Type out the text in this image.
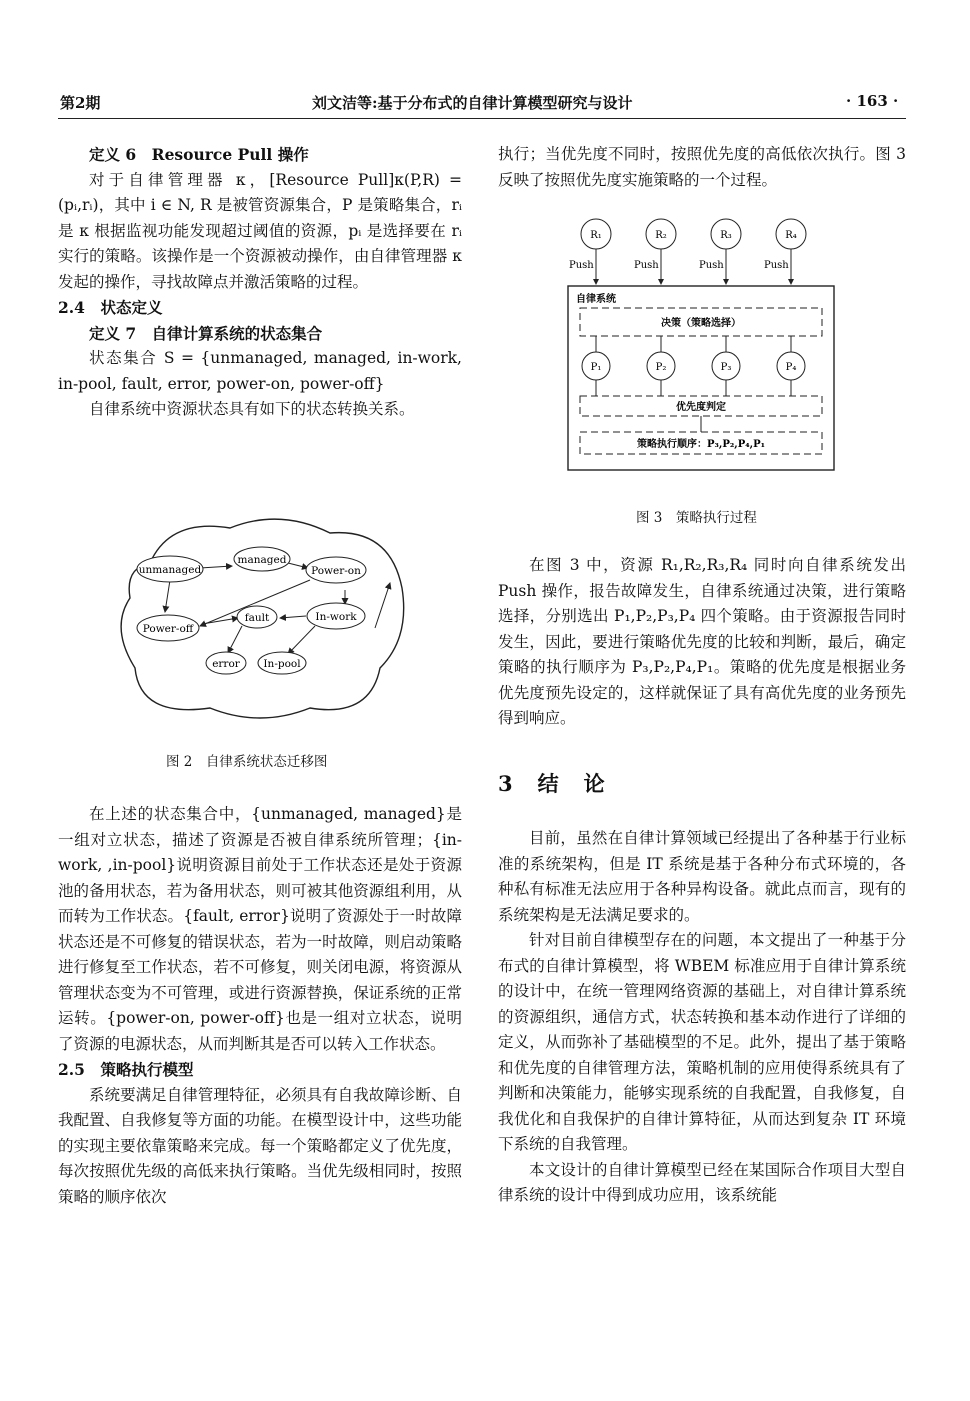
第2期	刘文洁等:基于分布式的自律计算模型研究与设计	· 163 ·

定义 6　Resource Pull 操作

对于自律管理器 κ，[Resource Pull]κ(P,R) = (pᵢ,rᵢ)，其中 i ∈ N, R 是被管资源集合，P 是策略集合，rᵢ 是 κ 根据监视功能发现超过阈值的资源，pᵢ 是选择要在 rᵢ 实行的策略。该操作是一个资源被动操作，由自律管理器 κ 发起的操作，寻找故障点并激活策略的过程。

2.4　状态定义

定义 7　自律计算系统的状态集合

状态集合 S = {unmanaged, managed, in-work, in-pool, fault, error, power-on, power-off}

自律系统中资源状态具有如下的状态转换关系。

unmanaged
managed
Power-on
Power-off
fault	In-work
error In-pool
图 2　自律系统状态迁移图

在上述的状态集合中，{unmanaged, managed}是一组对立状态，描述了资源是否被自律系统所管理；{in-work, ,in-pool}说明资源目前处于工作状态还是处于资源池的备用状态，若为备用状态，则可被其他资源组利用，从而转为工作状态。{fault, error}说明了资源处于一时故障状态还是不可修复的错误状态，若为一时故障，则启动策略进行修复至工作状态，若不可修复，则关闭电源，将资源从管理状态变为不可管理，或进行资源替换，保证系统的正常运转。{power-on, power-off}也是一组对立状态，说明了资源的电源状态，从而判断其是否可以转入工作状态。

2.5　策略执行模型

系统要满足自律管理特征，必须具有自我故障诊断、自我配置、自我修复等方面的功能。在模型设计中，这些功能的实现主要依靠策略来完成。每一个策略都定义了优先度，每次按照优先级的高低来执行策略。当优先级相同时，按照策略的顺序依次

执行；当优先度不同时，按照优先度的高低依次执行。图 3 反映了按照优先度实施策略的一个过程。

R₁	R₂	R₃	R₄
Push	Push	Push	Push
自律系统
决策（策略选择）
P₁	P₂	P₃	P₄
优先度判定
策略执行顺序：P₃,P₂,P₄,P₁
图 3　策略执行过程

在图 3 中，资源 R₁,R₂,R₃,R₄ 同时向自律系统发出 Push 操作，报告故障发生，自律系统通过决策，进行策略选择，分别选出 P₁,P₂,P₃,P₄ 四个策略。由于资源报告同时发生，因此，要进行策略优先度的比较和判断，最后，确定策略的执行顺序为 P₃,P₂,P₄,P₁。策略的优先度是根据业务优先度预先设定的，这样就保证了具有高优先度的业务预先得到响应。

3　结　论

目前，虽然在自律计算领域已经提出了各种基于行业标准的系统架构，但是 IT 系统是基于各种分布式环境的，各种私有标准无法应用于各种异构设备。就此点而言，现有的系统架构是无法满足要求的。

针对目前自律模型存在的问题，本文提出了一种基于分布式的自律计算模型，将 WBEM 标准应用于自律计算系统的设计中，在统一管理网络资源的基础上，对自律计算系统的资源组织，通信方式，状态转换和基本动作进行了详细的定义，从而弥补了基础模型的不足。此外，提出了基于策略和优先度的自律管理方法，策略机制的应用使得系统具有了判断和决策能力，能够实现系统的自我配置，自我修复，自我优化和自我保护的自律计算特征，从而达到复杂 IT 环境下系统的自我管理。

本文设计的自律计算模型已经在某国际合作项目大型自律系统的设计中得到成功应用，该系统能
